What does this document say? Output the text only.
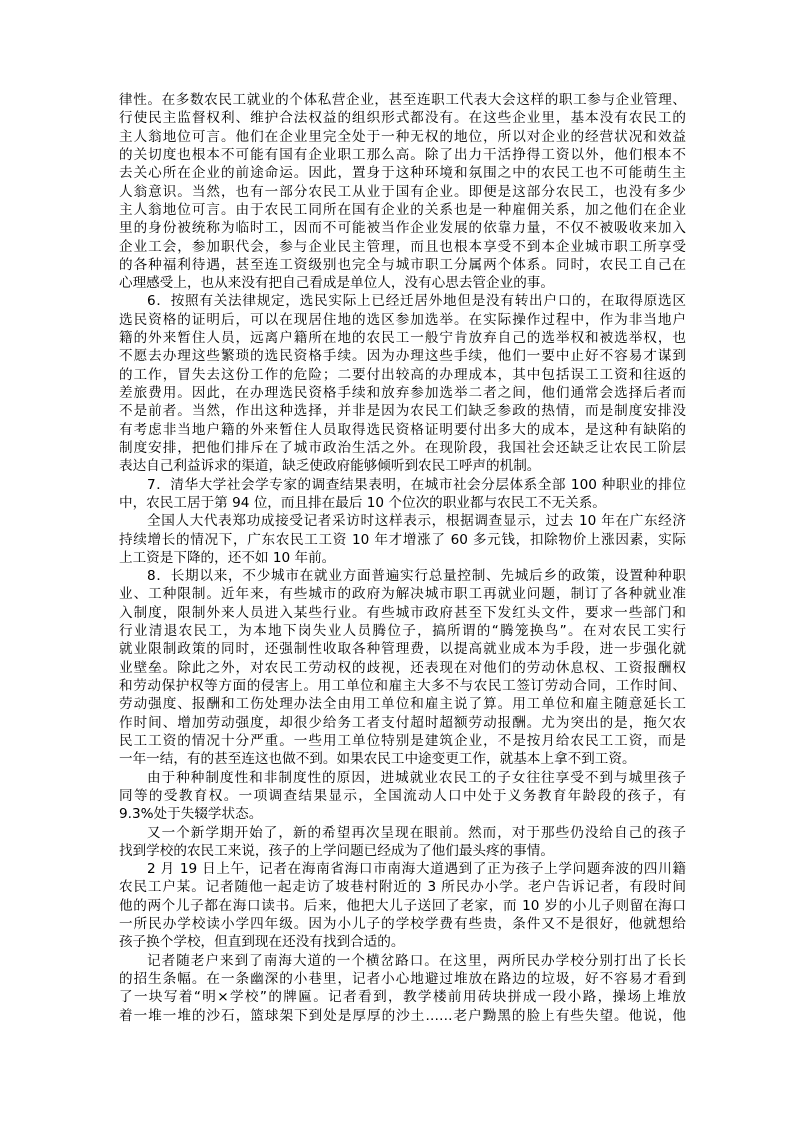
律性。在多数农民工就业的个体私营企业，甚至连职工代表大会这样的职工参与企业管理、
行使民主监督权利、维护合法权益的组织形式都没有。在这些企业里，基本没有农民工的
主人翁地位可言。他们在企业里完全处于一种无权的地位，所以对企业的经营状况和效益
的关切度也根本不可能有国有企业职工那么高。除了出力干活挣得工资以外，他们根本不
去关心所在企业的前途命运。因此，置身于这种环境和氛围之中的农民工也不可能萌生主
人翁意识。当然，也有一部分农民工从业于国有企业。即便是这部分农民工，也没有多少
主人翁地位可言。由于农民工同所在国有企业的关系也是一种雇佣关系，加之他们在企业
里的身份被统称为临时工，因而不可能被当作企业发展的依靠力量，不仅不被吸收来加入
企业工会，参加职代会，参与企业民主管理，而且也根本享受不到本企业城市职工所享受
的各种福利待遇，甚至连工资级别也完全与城市职工分属两个体系。同时，农民工自己在
心理感受上，也从来没有把自己看成是单位人，没有心思去管企业的事。
6．按照有关法律规定，选民实际上已经迁居外地但是没有转出户口的，在取得原选区
选民资格的证明后，可以在现居住地的选区参加选举。在实际操作过程中，作为非当地户
籍的外来暂住人员，远离户籍所在地的农民工一般宁肯放弃自己的选举权和被选举权，也
不愿去办理这些繁琐的选民资格手续。因为办理这些手续，他们一要中止好不容易才谋到
的工作，冒失去这份工作的危险；二要付出较高的办理成本，其中包括误工工资和往返的
差旅费用。因此，在办理选民资格手续和放弃参加选举二者之间，他们通常会选择后者而
不是前者。当然，作出这种选择，并非是因为农民工们缺乏参政的热情，而是制度安排没
有考虑非当地户籍的外来暂住人员取得选民资格证明要付出多大的成本，是这种有缺陷的
制度安排，把他们排斥在了城市政治生活之外。在现阶段，我国社会还缺乏让农民工阶层
表达自己利益诉求的渠道，缺乏使政府能够倾听到农民工呼声的机制。
7．清华大学社会学专家的调查结果表明，在城市社会分层体系全部 100 种职业的排位
中，农民工居于第 94 位，而且排在最后 10 个位次的职业都与农民工不无关系。
全国人大代表郑功成接受记者采访时这样表示，根据调查显示，过去 10 年在广东经济
持续增长的情况下，广东农民工工资 10 年才增涨了 60 多元钱，扣除物价上涨因素，实际
上工资是下降的，还不如 10 年前。
8．长期以来，不少城市在就业方面普遍实行总量控制、先城后乡的政策，设置种种职
业、工种限制。近年来，有些城市的政府为解决城市职工再就业问题，制订了各种就业准
入制度，限制外来人员进入某些行业。有些城市政府甚至下发红头文件，要求一些部门和
行业清退农民工，为本地下岗失业人员腾位子，搞所谓的“腾笼换鸟”。在对农民工实行
就业限制政策的同时，还强制性收取各种管理费，以提高就业成本为手段，进一步强化就
业壁垒。除此之外，对农民工劳动权的歧视，还表现在对他们的劳动休息权、工资报酬权
和劳动保护权等方面的侵害上。用工单位和雇主大多不与农民工签订劳动合同，工作时间、
劳动强度、报酬和工伤处理办法全由用工单位和雇主说了算。用工单位和雇主随意延长工
作时间、增加劳动强度，却很少给务工者支付超时超额劳动报酬。尤为突出的是，拖欠农
民工工资的情况十分严重。一些用工单位特别是建筑企业，不是按月给农民工工资，而是
一年一结，有的甚至连这也做不到。如果农民工中途变更工作，就基本上拿不到工资。
由于种种制度性和非制度性的原因，进城就业农民工的子女往往享受不到与城里孩子
同等的受教育权。一项调查结果显示，全国流动人口中处于义务教育年龄段的孩子，有
9.3%处于失辍学状态。
又一个新学期开始了，新的希望再次呈现在眼前。然而，对于那些仍没给自己的孩子
找到学校的农民工来说，孩子的上学问题已经成为了他们最头疼的事情。
2 月 19 日上午，记者在海南省海口市南海大道遇到了正为孩子上学问题奔波的四川籍
农民工户某。记者随他一起走访了坡巷村附近的 3 所民办小学。老户告诉记者，有段时间
他的两个儿子都在海口读书。后来，他把大儿子送回了老家，而 10 岁的小儿子则留在海口
一所民办学校读小学四年级。因为小儿子的学校学费有些贵，条件又不是很好，他就想给
孩子换个学校，但直到现在还没有找到合适的。
记者随老户来到了南海大道的一个横岔路口。在这里，两所民办学校分别打出了长长
的招生条幅。在一条幽深的小巷里，记者小心地避过堆放在路边的垃圾，好不容易才看到
了一块写着“明×学校”的牌匾。记者看到，教学楼前用砖块拼成一段小路，操场上堆放
着一堆一堆的沙石，篮球架下到处是厚厚的沙土……老户黝黑的脸上有些失望。他说，他
